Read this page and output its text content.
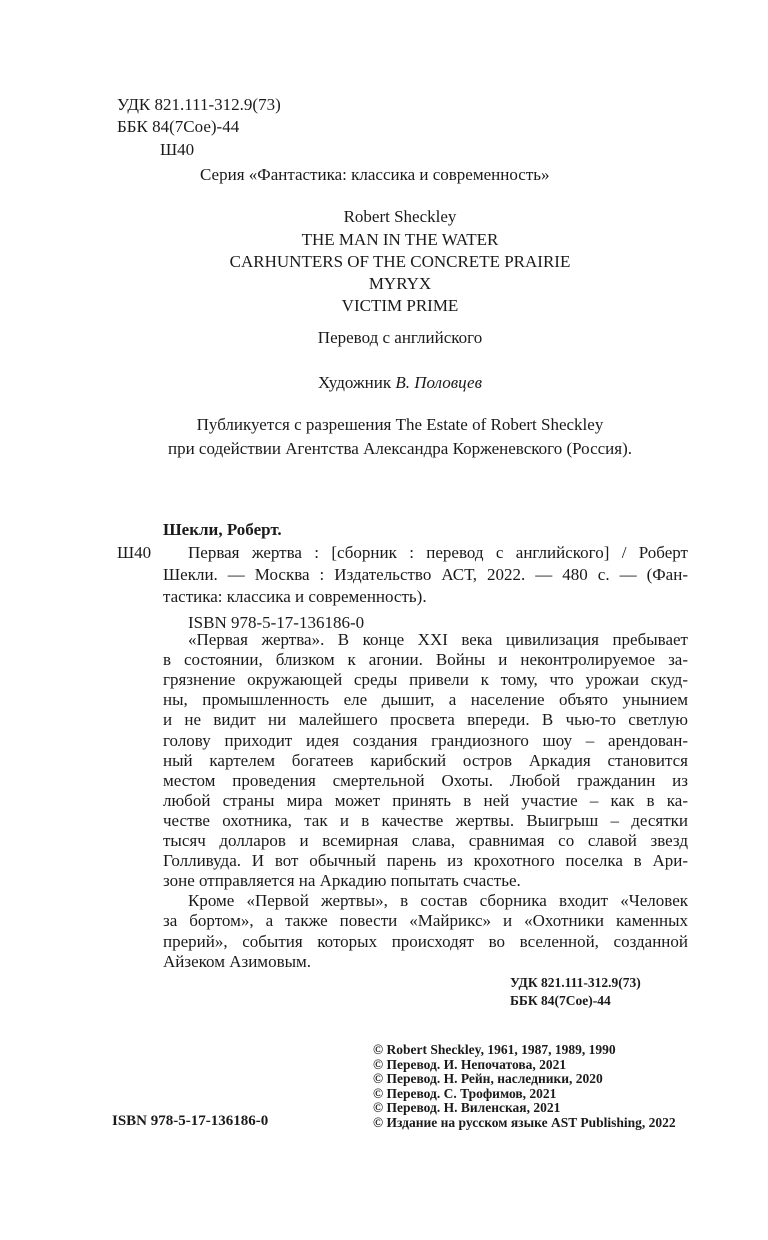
УДК 821.111-312.9(73)
ББК 84(7Сое)-44
Ш40
Серия «Фантастика: классика и современность»
Robert Sheckley
THE MAN IN THE WATER
CARHUNTERS OF THE CONCRETE PRAIRIE
MYRYX
VICTIM PRIME
Перевод с английского
Художник В. Половцев
Публикуется с разрешения The Estate of Robert Sheckley
при содействии Агентства Александра Корженевского (Россия).
Шекли, Роберт.
Ш40 Первая жертва : [сборник : перевод с английского] / Роберт
Шекли. — Москва : Издательство АСТ, 2022. — 480 с. — (Фан-
тастика: классика и современность).
ISBN 978-5-17-136186-0
«Первая жертва». В конце XXI века цивилизация пребывает
в состоянии, близком к агонии. Войны и неконтролируемое за-
грязнение окружающей среды привели к тому, что урожаи скуд-
ны, промышленность еле дышит, а население объято унынием
и не видит ни малейшего просвета впереди. В чью-то светлую
голову приходит идея создания грандиозного шоу – арендован-
ный картелем богатеев карибский остров Аркадия становится
местом проведения смертельной Охоты. Любой гражданин из
любой страны мира может принять в ней участие – как в ка-
честве охотника, так и в качестве жертвы. Выигрыш – десятки
тысяч долларов и всемирная слава, сравнимая со славой звезд
Голливуда. И вот обычный парень из крохотного поселка в Ари-
зоне отправляется на Аркадию попытать счастье.
Кроме «Первой жертвы», в состав сборника входит «Человек
за бортом», а также повести «Майрикс» и «Охотники каменных
прерий», события которых происходят во вселенной, созданной
Айзеком Азимовым.
УДК 821.111-312.9(73)
ББК 84(7Сое)-44
© Robert Sheckley, 1961, 1987, 1989, 1990
© Перевод. И. Непочатова, 2021
© Перевод. Н. Рейн, наследники, 2020
© Перевод. С. Трофимов, 2021
© Перевод. Н. Виленская, 2021
© Издание на русском языке AST Publishing, 2022
ISBN 978-5-17-136186-0
